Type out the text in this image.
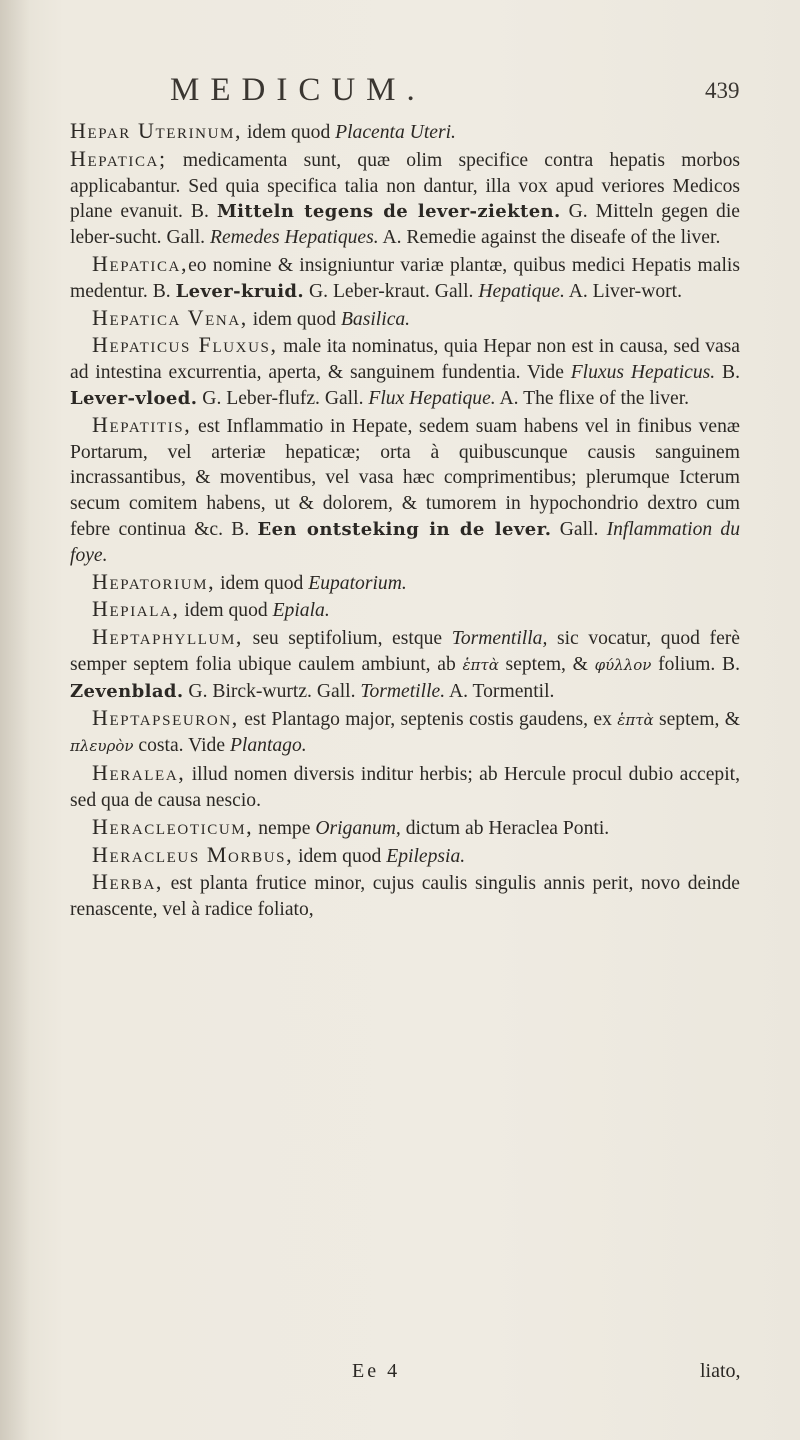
MEDICUM.	439

Hepar Uterinum, idem quod Placenta Uteri.

Hepatica; medicamenta sunt, quæ olim specifice contra hepatis morbos applicabantur. Sed quia specifica talia non dantur, illa vox apud veriores Medicos plane evanuit. B. Mitteln tegens de lever-ziekten. G. Mitteln gegen die leber-sucht. Gall. Remedes Hepatiques. A. Remedie against the diseafe of the liver.

Hepatica,eo nomine & insigniuntur variæ plantæ, quibus medici Hepatis malis medentur. B. Lever-kruid. G. Leber-kraut. Gall. Hepatique. A. Liver-wort.

Hepatica Vena, idem quod Basilica.

Hepaticus Fluxus, male ita nominatus, quia Hepar non est in causa, sed vasa ad intestina excurrentia, aperta, & sanguinem fundentia. Vide Fluxus Hepaticus. B. Lever-vloed. G. Leber-flufz. Gall. Flux Hepatique. A. The flixe of the liver.

Hepatitis, est Inflammatio in Hepate, sedem suam habens vel in finibus venæ Portarum, vel arteriæ hepaticæ; orta à quibuscunque causis sanguinem incrassantibus, & moventibus, vel vasa hæc comprimentibus; plerumque Icterum secum comitem habens, ut & dolorem, & tumorem in hypochondrio dextro cum febre continua &c. B. Een ontsteking in de lever. Gall. Inflammation du foye.

Hepatorium, idem quod Eupatorium.

Hepiala, idem quod Epiala.

Heptaphyllum, seu septifolium, estque Tormentilla, sic vocatur, quod ferè semper septem folia ubique caulem ambiunt, ab ἑπτὰ septem, & φύλλον folium. B. Zevenblad. G. Birck-wurtz. Gall. Tormetille. A. Tormentil.

Heptapseuron, est Plantago major, septenis costis gaudens, ex ἑπτὰ septem, & πλευρὸν costa. Vide Plantago.

Heralea, illud nomen diversis inditur herbis; ab Hercule procul dubio accepit, sed qua de causa nescio.

Heracleoticum, nempe Origanum, dictum ab Heraclea Ponti.

Heracleus Morbus, idem quod Epilepsia.

Herba, est planta frutice minor, cujus caulis singulis annis perit, novo deinde renascente, vel à radice foliato,

Ee 4	liato,
